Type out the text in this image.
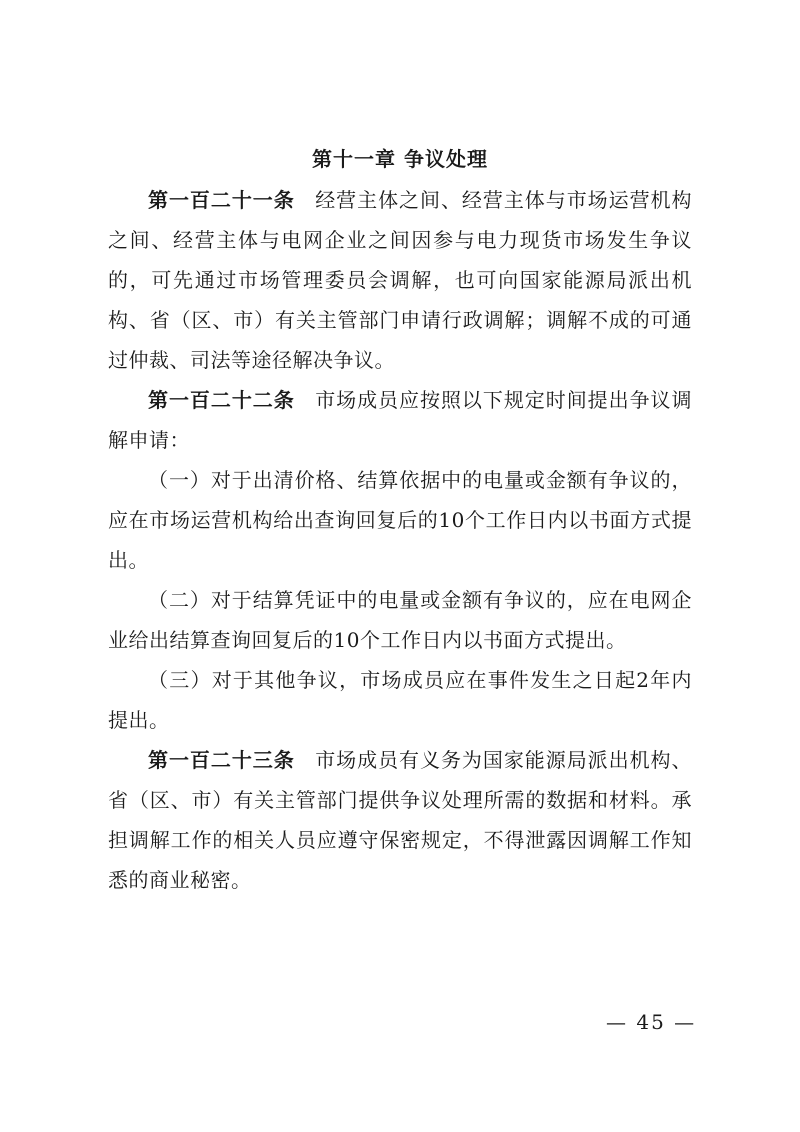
第十一章 争议处理

第一百二十一条 经营主体之间、经营主体与市场运营机构之间、经营主体与电网企业之间因参与电力现货市场发生争议的，可先通过市场管理委员会调解，也可向国家能源局派出机构、省（区、市）有关主管部门申请行政调解；调解不成的可通过仲裁、司法等途径解决争议。

第一百二十二条 市场成员应按照以下规定时间提出争议调解申请：

（一）对于出清价格、结算依据中的电量或金额有争议的，应在市场运营机构给出查询回复后的10个工作日内以书面方式提出。

（二）对于结算凭证中的电量或金额有争议的，应在电网企业给出结算查询回复后的10个工作日内以书面方式提出。

（三）对于其他争议，市场成员应在事件发生之日起2年内提出。

第一百二十三条 市场成员有义务为国家能源局派出机构、省（区、市）有关主管部门提供争议处理所需的数据和材料。承担调解工作的相关人员应遵守保密规定，不得泄露因调解工作知悉的商业秘密。

— 45 —
